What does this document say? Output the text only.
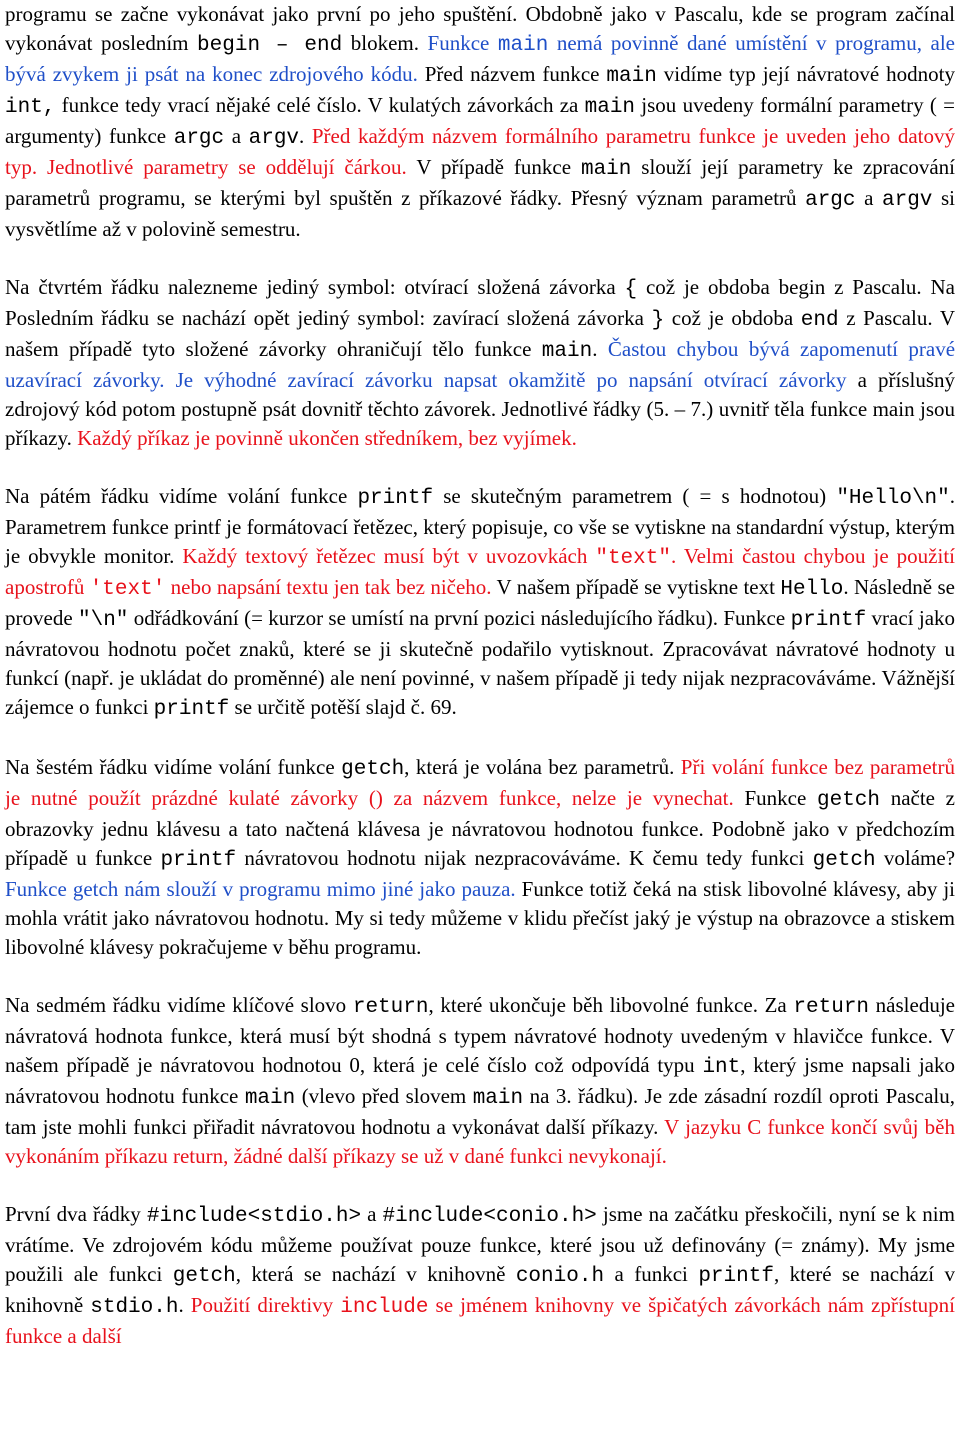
programu se začne vykonávat jako první po jeho spuštění. Obdobně jako v Pascalu, kde se program začínal vykonávat posledním begin – end blokem. Funkce main nemá povinně dané umístění v programu, ale bývá zvykem ji psát na konec zdrojového kódu. Před názvem funkce main vidíme typ její návratové hodnoty int, funkce tedy vrací nějaké celé číslo. V kulatých závorkách za main jsou uvedeny formální parametry ( = argumenty) funkce argc a argv. Před každým názvem formálního parametru funkce je uveden jeho datový typ. Jednotlivé parametry se oddělují čárkou. V případě funkce main slouží její parametry ke zpracování parametrů programu, se kterými byl spuštěn z příkazové řádky. Přesný význam parametrů argc a argv si vysvětlíme až v polovině semestru.

Na čtvrtém řádku nalezneme jediný symbol: otvírací složená závorka { což je obdoba begin z Pascalu. Na Posledním řádku se nachází opět jediný symbol: zavírací složená závorka } což je obdoba end z Pascalu. V našem případě tyto složené závorky ohraničují tělo funkce main. Častou chybou bývá zapomenutí pravé uzavírací závorky. Je výhodné zavírací závorku napsat okamžitě po napsání otvírací závorky a příslušný zdrojový kód potom postupně psát dovnitř těchto závorek. Jednotlivé řádky (5. – 7.) uvnitř těla funkce main jsou příkazy. Každý příkaz je povinně ukončen středníkem, bez vyjímek.

Na pátém řádku vidíme volání funkce printf se skutečným parametrem ( = s hodnotou) "Hello\n". Parametrem funkce printf je formátovací řetězec, který popisuje, co vše se vytiskne na standardní výstup, kterým je obvykle monitor. Každý textový řetězec musí být v uvozovkách "text". Velmi častou chybou je použití apostrofů 'text' nebo napsání textu jen tak bez ničeho. V našem případě se vytiskne text Hello. Následně se provede "\n" odřádkování (= kurzor se umístí na první pozici následujícího řádku). Funkce printf vrací jako návratovou hodnotu počet znaků, které se ji skutečně podařilo vytisknout. Zpracovávat návratové hodnoty u funkcí (např. je ukládat do proměnné) ale není povinné, v našem případě ji tedy nijak nezpracováváme. Vážnější zájemce o funkci printf se určitě potěší slajd č. 69.

Na šestém řádku vidíme volání funkce getch, která je volána bez parametrů. Při volání funkce bez parametrů je nutné použít prázdné kulaté závorky () za názvem funkce, nelze je vynechat. Funkce getch načte z obrazovky jednu klávesu a tato načtená klávesa je návratovou hodnotou funkce. Podobně jako v předchozím případě u funkce printf návratovou hodnotu nijak nezpracováváme. K čemu tedy funkci getch voláme? Funkce getch nám slouží v programu mimo jiné jako pauza. Funkce totiž čeká na stisk libovolné klávesy, aby ji mohla vrátit jako návratovou hodnotu. My si tedy můžeme v klidu přečíst jaký je výstup na obrazovce a stiskem libovolné klávesy pokračujeme v běhu programu.

Na sedmém řádku vidíme klíčové slovo return, které ukončuje běh libovolné funkce. Za return následuje návratová hodnota funkce, která musí být shodná s typem návratové hodnoty uvedeným v hlavičce funkce. V našem případě je návratovou hodnotou 0, která je celé číslo což odpovídá typu int, který jsme napsali jako návratovou hodnotu funkce main (vlevo před slovem main na 3. řádku). Je zde zásadní rozdíl oproti Pascalu, tam jste mohli funkci přiřadit návratovou hodnotu a vykonávat další příkazy. V jazyku C funkce končí svůj běh vykonáním příkazu return, žádné další příkazy se už v dané funkci nevykonají.

První dva řádky #include<stdio.h> a #include<conio.h> jsme na začátku přeskočili, nyní se k nim vrátíme. Ve zdrojovém kódu můžeme používat pouze funkce, které jsou už definovány (= známy). My jsme použili ale funkci getch, která se nachází v knihovně conio.h a funkci printf, které se nachází v knihovně stdio.h. Použití direktivy include se jménem knihovny ve špičatých závorkách nám zpřístupní funkce a další
